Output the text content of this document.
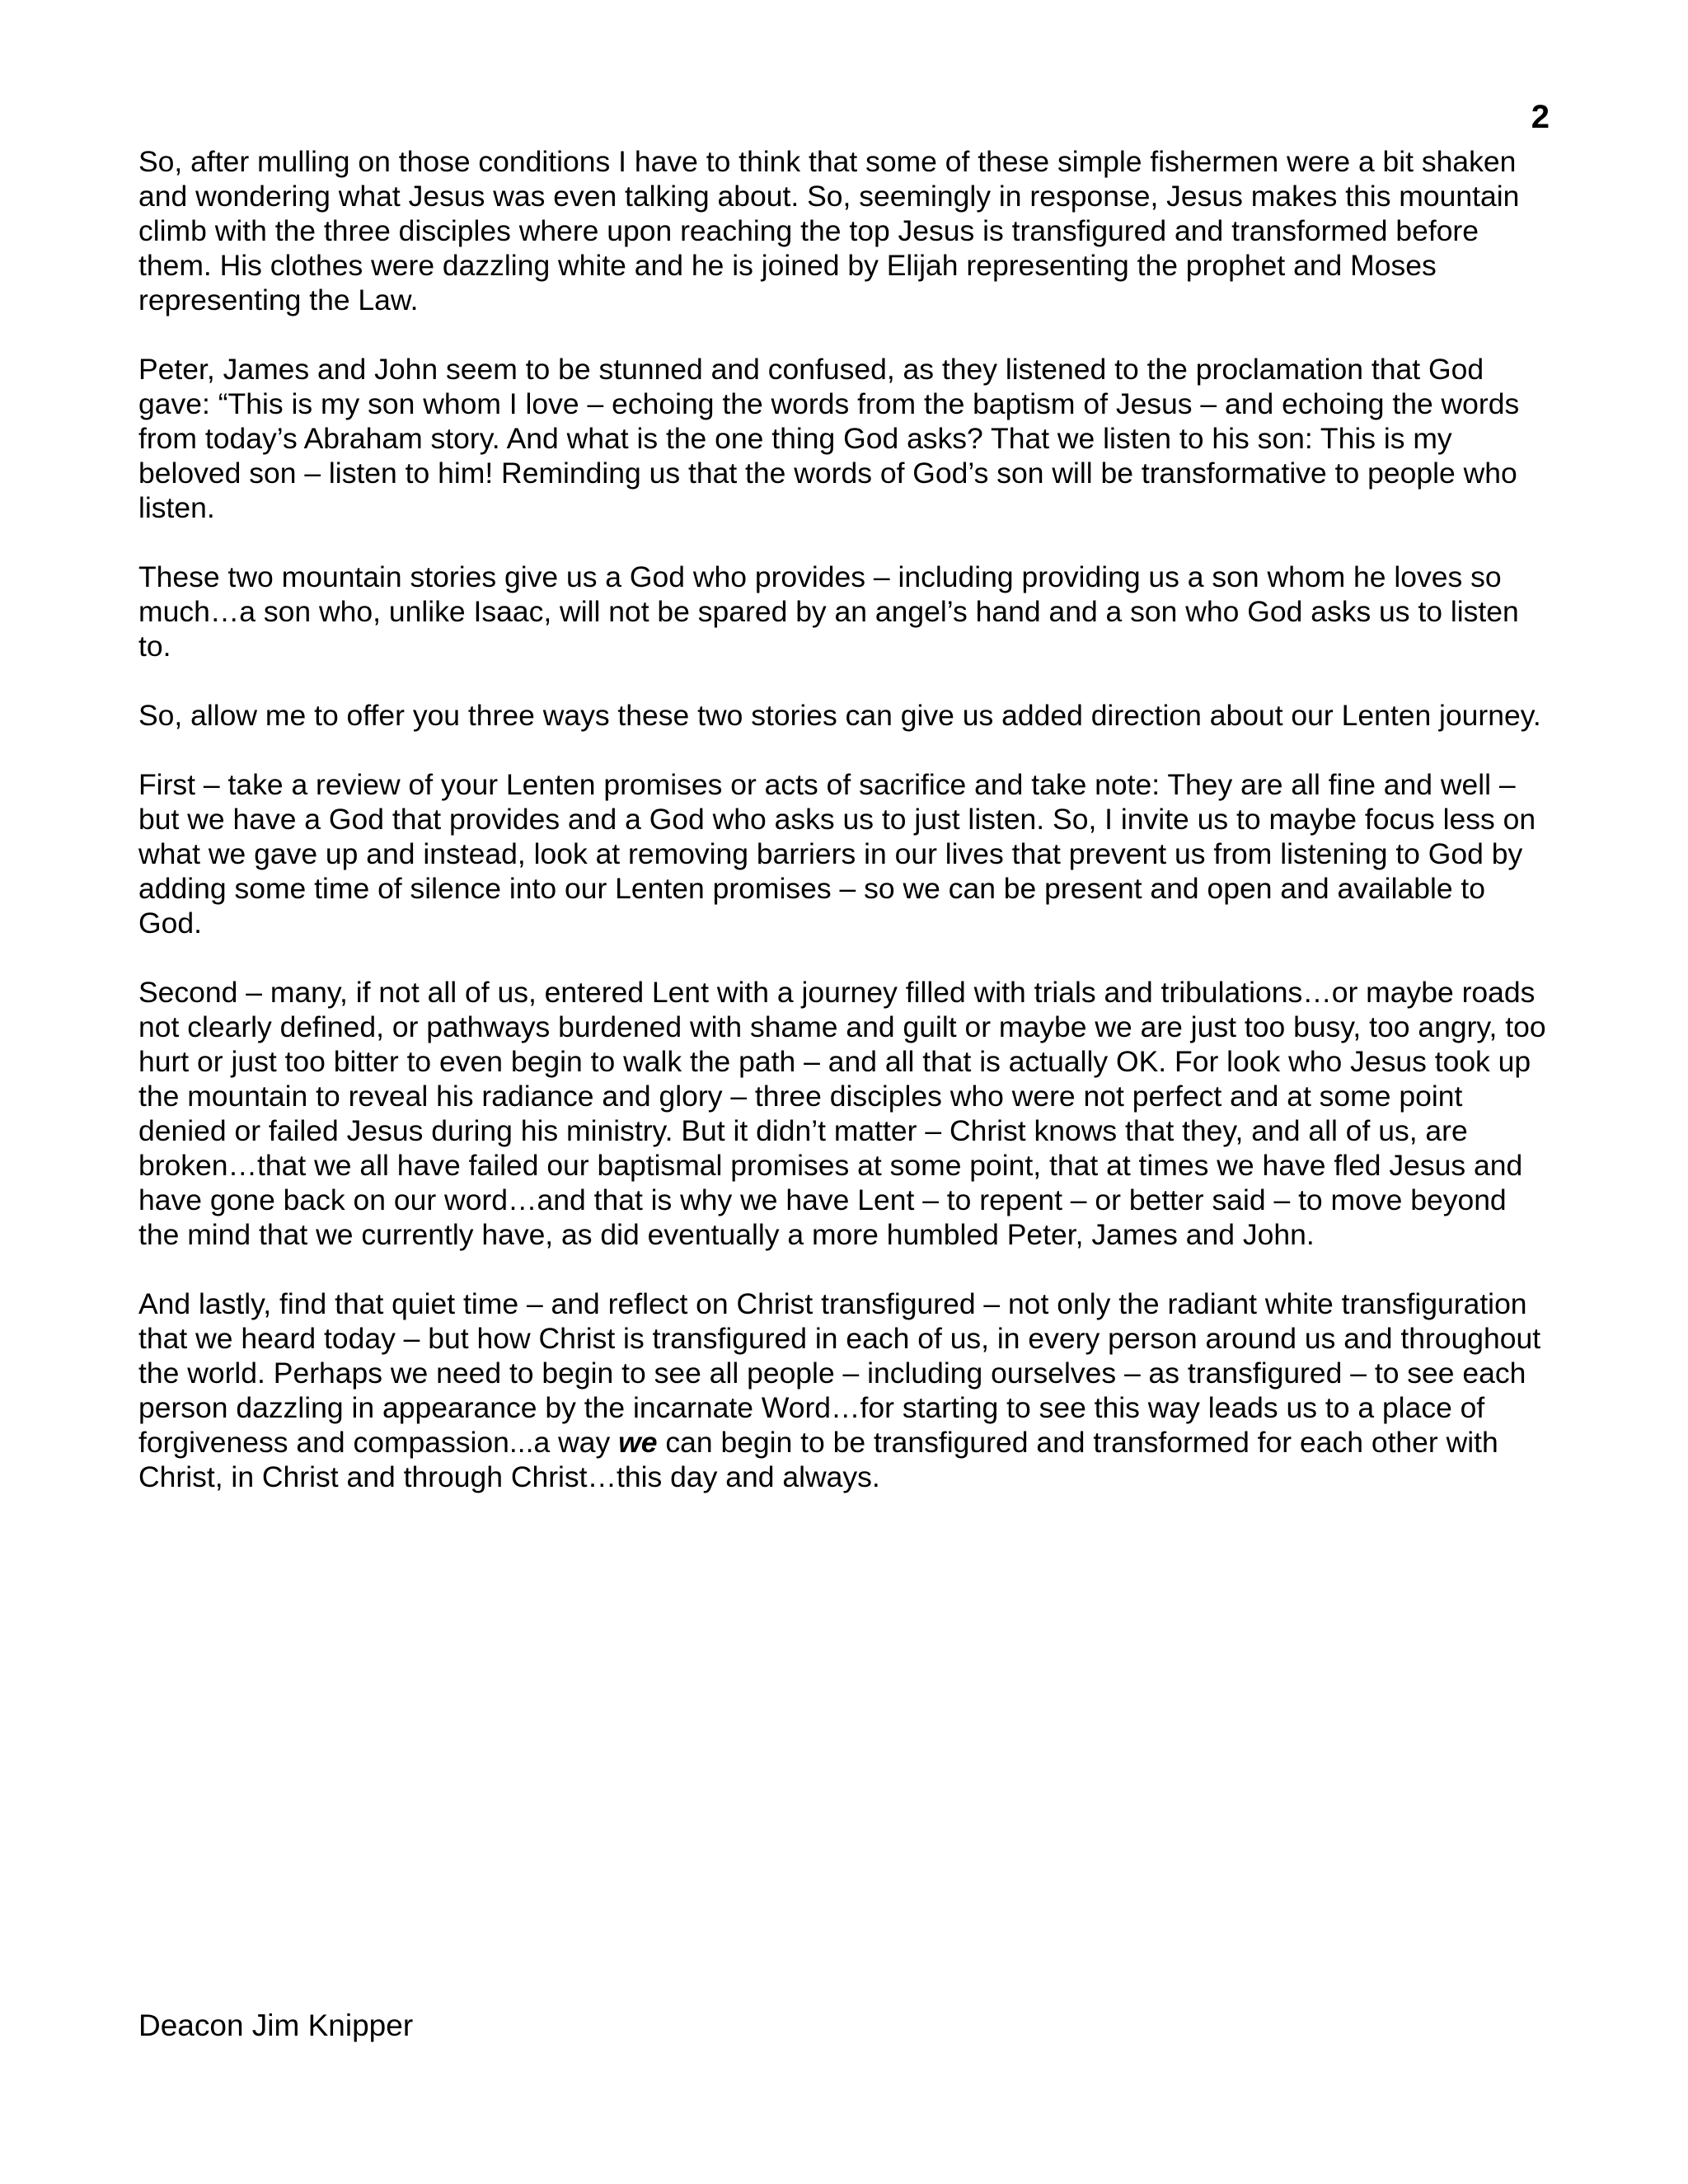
2

So, after mulling on those conditions I have to think that some of these simple fishermen were a bit shaken and wondering what Jesus was even talking about. So, seemingly in response, Jesus makes this mountain climb with the three disciples where upon reaching the top Jesus is transfigured and transformed before them. His clothes were dazzling white and he is joined by Elijah representing the prophet and Moses representing the Law.

Peter, James and John seem to be stunned and confused, as they listened to the proclamation that God gave: “This is my son whom I love – echoing the words from the baptism of Jesus – and echoing the words from today’s Abraham story. And what is the one thing God asks? That we listen to his son: This is my beloved son – listen to him! Reminding us that the words of God’s son will be transformative to people who listen.

These two mountain stories give us a God who provides – including providing us a son whom he loves so much…a son who, unlike Isaac, will not be spared by an angel’s hand and a son who God asks us to listen to.

So, allow me to offer you three ways these two stories can give us added direction about our Lenten journey.

First – take a review of your Lenten promises or acts of sacrifice and take note: They are all fine and well – but we have a God that provides and a God who asks us to just listen. So, I invite us to maybe focus less on what we gave up and instead, look at removing barriers in our lives that prevent us from listening to God by adding some time of silence into our Lenten promises – so we can be present and open and available to God.

Second – many, if not all of us, entered Lent with a journey filled with trials and tribulations…or maybe roads not clearly defined, or pathways burdened with shame and guilt or maybe we are just too busy, too angry, too hurt or just too bitter to even begin to walk the path – and all that is actually OK. For look who Jesus took up the mountain to reveal his radiance and glory – three disciples who were not perfect and at some point denied or failed Jesus during his ministry. But it didn’t matter – Christ knows that they, and all of us, are broken…that we all have failed our baptismal promises at some point, that at times we have fled Jesus and have gone back on our word…and that is why we have Lent – to repent – or better said – to move beyond the mind that we currently have, as did eventually a more humbled Peter, James and John.

And lastly, find that quiet time – and reflect on Christ transfigured – not only the radiant white transfiguration that we heard today – but how Christ is transfigured in each of us, in every person around us and throughout the world. Perhaps we need to begin to see all people – including ourselves – as transfigured – to see each person dazzling in appearance by the incarnate Word…for starting to see this way leads us to a place of forgiveness and compassion...a way we can begin to be transfigured and transformed for each other with Christ, in Christ and through Christ…this day and always.

Deacon Jim Knipper
